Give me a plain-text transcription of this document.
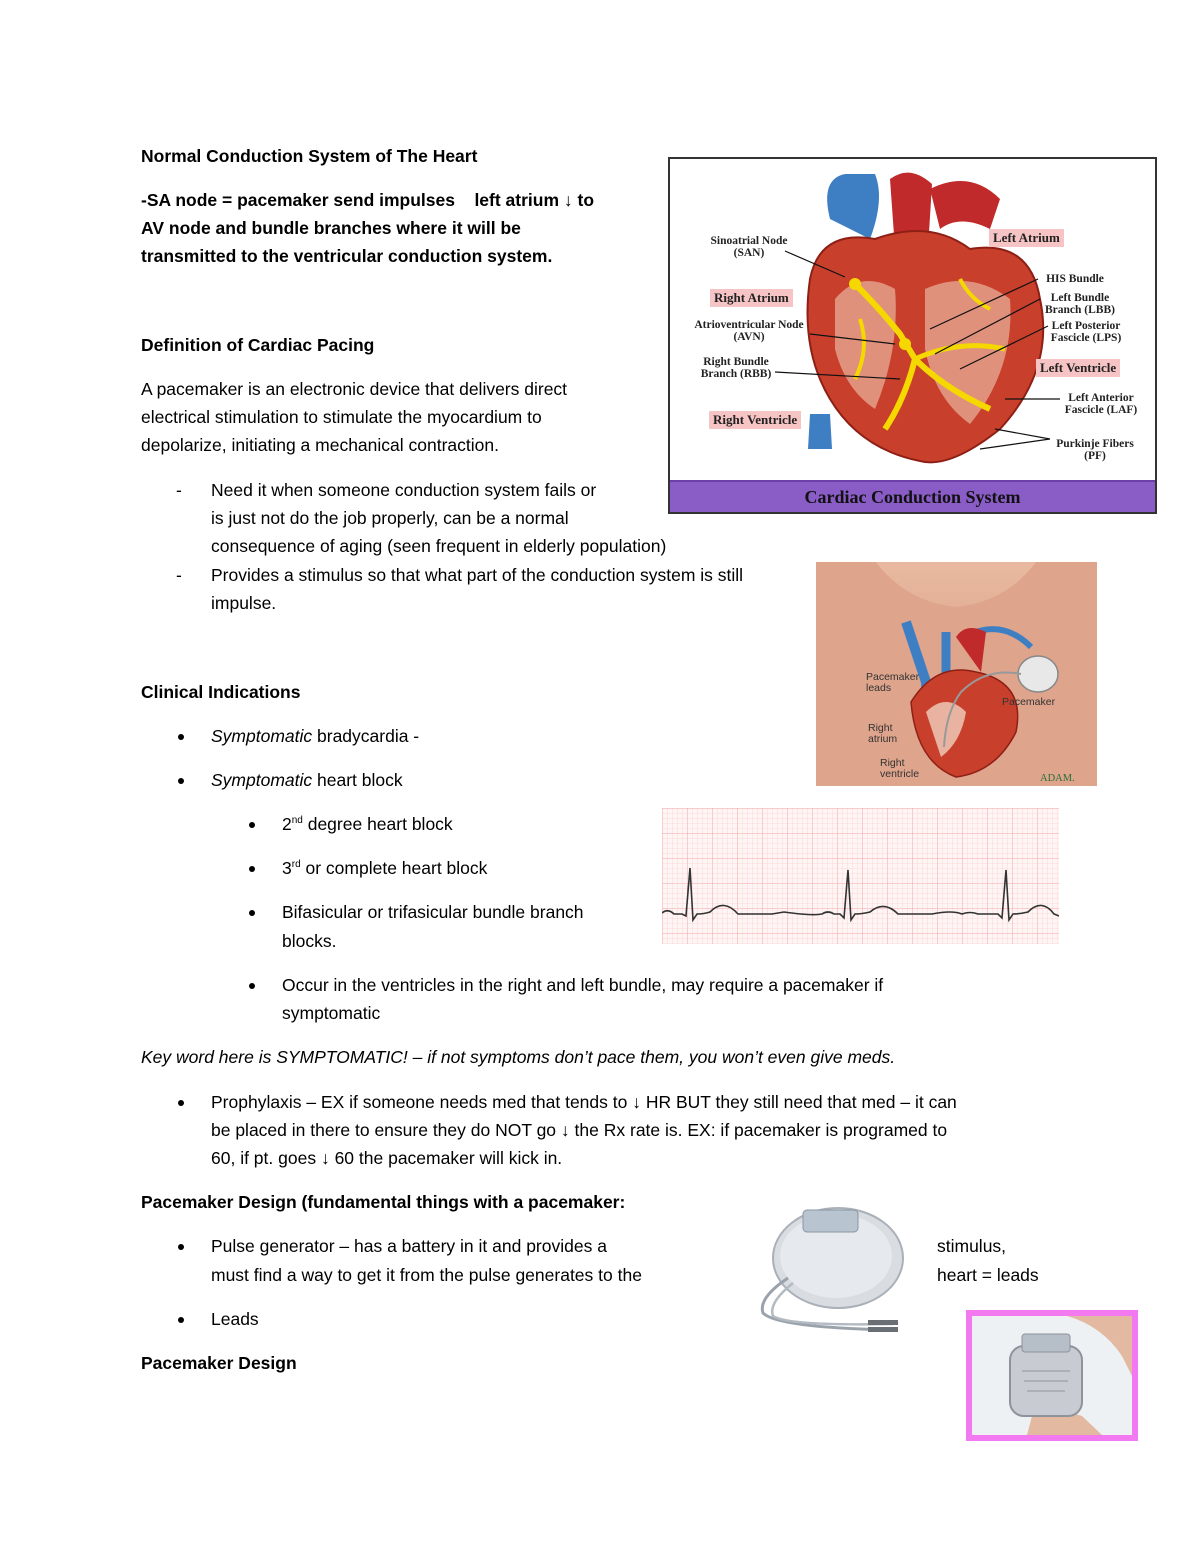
Normal Conduction System of The Heart
-SA node = pacemaker send impulses left atrium ↓ to
AV node and bundle branches where it will be
transmitted to the ventricular conduction system.
Definition of Cardiac Pacing
A pacemaker is an electronic device that delivers direct
electrical stimulation to stimulate the myocardium to
depolarize, initiating a mechanical contraction.
- Need it when someone conduction system fails or
is just not do the job properly, can be a normal
consequence of aging (seen frequent in elderly population)
- Provides a stimulus so that what part of the conduction system is still
impulse.
Clinical Indications
Symptomatic bradycardia -
Symptomatic heart block
2nd degree heart block
3rd or complete heart block
Bifasicular or trifasicular bundle branch
blocks.
Occur in the ventricles in the right and left bundle, may require a pacemaker if
symptomatic
Key word here is SYMPTOMATIC! – if not symptoms don’t pace them, you won’t even give meds.
Prophylaxis – EX if someone needs med that tends to ↓ HR BUT they still need that med – it can
be placed in there to ensure they do NOT go ↓ the Rx rate is. EX: if pacemaker is programed to
60, if pt. goes ↓ 60 the pacemaker will kick in.
Pacemaker Design (fundamental things with a pacemaker:
Pulse generator – has a battery in it and provides a	stimulus,
must find a way to get it from the pulse generates to the	heart = leads
Leads
Pacemaker Design
Sinoatrial Node
(SAN)
Right Atrium
Atrioventricular Node
(AVN)
Right Bundle
Branch (RBB)
Right Ventricle
Left Atrium
HIS Bundle
Left Bundle
Branch (LBB)
Left Posterior
Fascicle (LPS)
Left Ventricle
Left Anterior
Fascicle (LAF)
Purkinje Fibers
(PF)
Cardiac Conduction System
Pacemaker
leads
Pacemaker
Right
atrium
Right
ventricle	ADAM.
